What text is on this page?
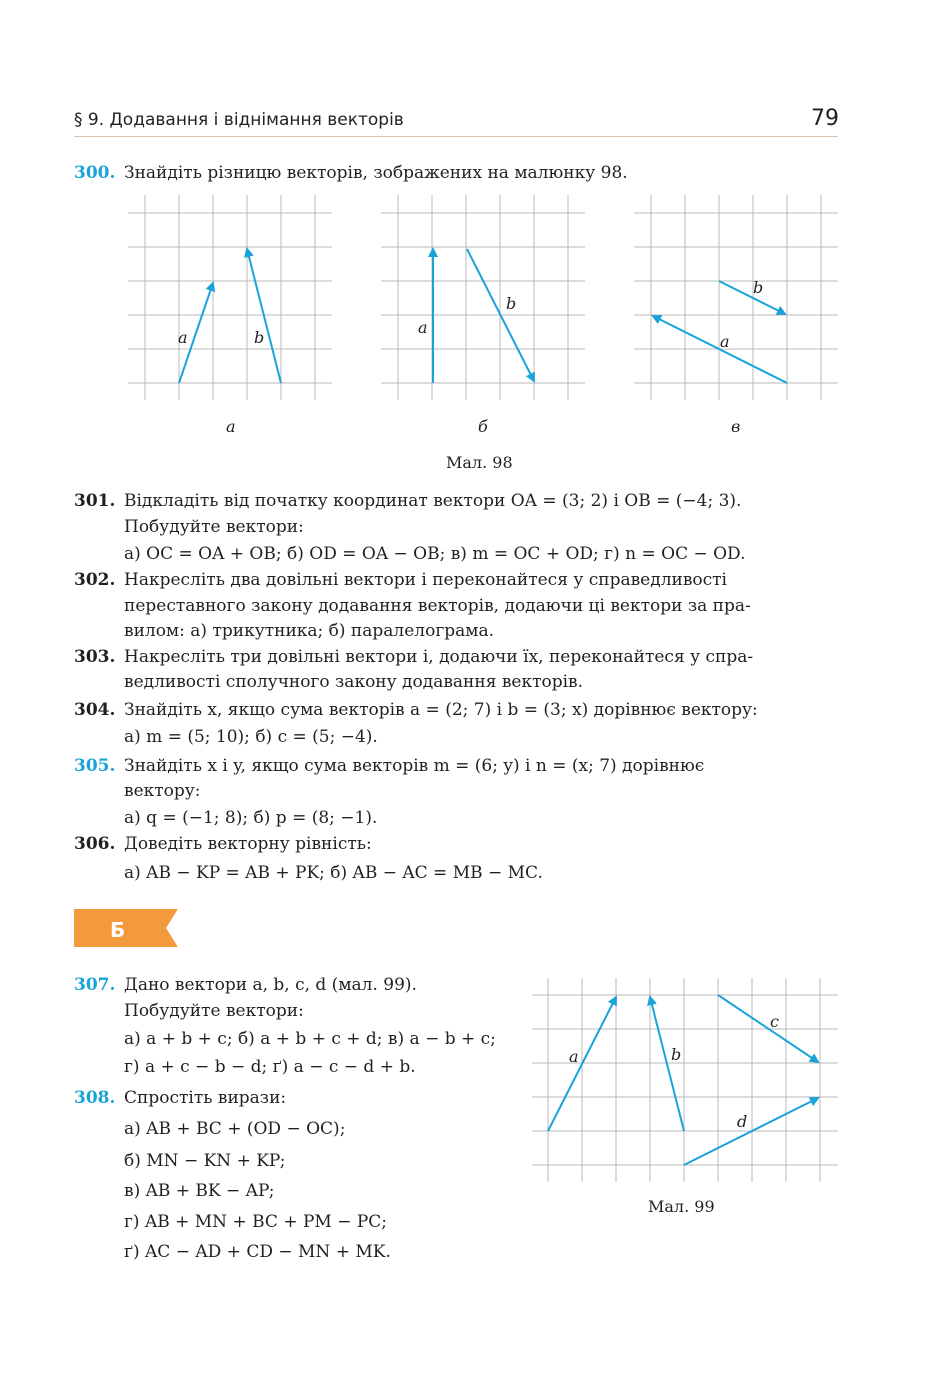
§ 9. Додавання і віднімання векторів	79
300. Знайдіть різницю векторів, зображених на малюнку 98.
a	b
a
b
a
b
а	б	в
Мал. 98
301. Відкладіть від початку координат вектори OA = (3; 2) і OB = (−4; 3).
Побудуйте вектори:
а) OC = OA + OB; б) OD = OA − OB; в) m = OC + OD; г) n = OC − OD.
302. Накресліть два довільні вектори і переконайтеся у справедливості
переставного закону додавання векторів, додаючи ці вектори за пра-
вилом: а) трикутника; б) паралелограма.
303. Накресліть три довільні вектори і, додаючи їх, переконайтеся у спра-
ведливості сполучного закону додавання векторів.
304. Знайдіть x, якщо сума векторів a = (2; 7) і b = (3; x) дорівнює вектору:
а) m = (5; 10); б) c = (5; −4).
305. Знайдіть x і y, якщо сума векторів m = (6; y) і n = (x; 7) дорівнює
вектору:
а) q = (−1; 8); б) p = (8; −1).
306. Доведіть векторну рівність:
а) AB − KP = AB + PK; б) AB − AC = MB − MC.
Б
307. Дано вектори a, b, c, d (мал. 99).
Побудуйте вектори:
а) a + b + c; б) a + b + c + d; в) a − b + c;
г) a + c − b − d; ґ) a − c − d + b.
308. Спростіть вирази:
а) AB + BC + (OD − OC);
б) MN − KN + KP;
в) AB + BK − AP;
г) AB + MN + BC + PM − PC;
ґ) AC − AD + CD − MN + MK.
a	b
c
d
Мал. 99
